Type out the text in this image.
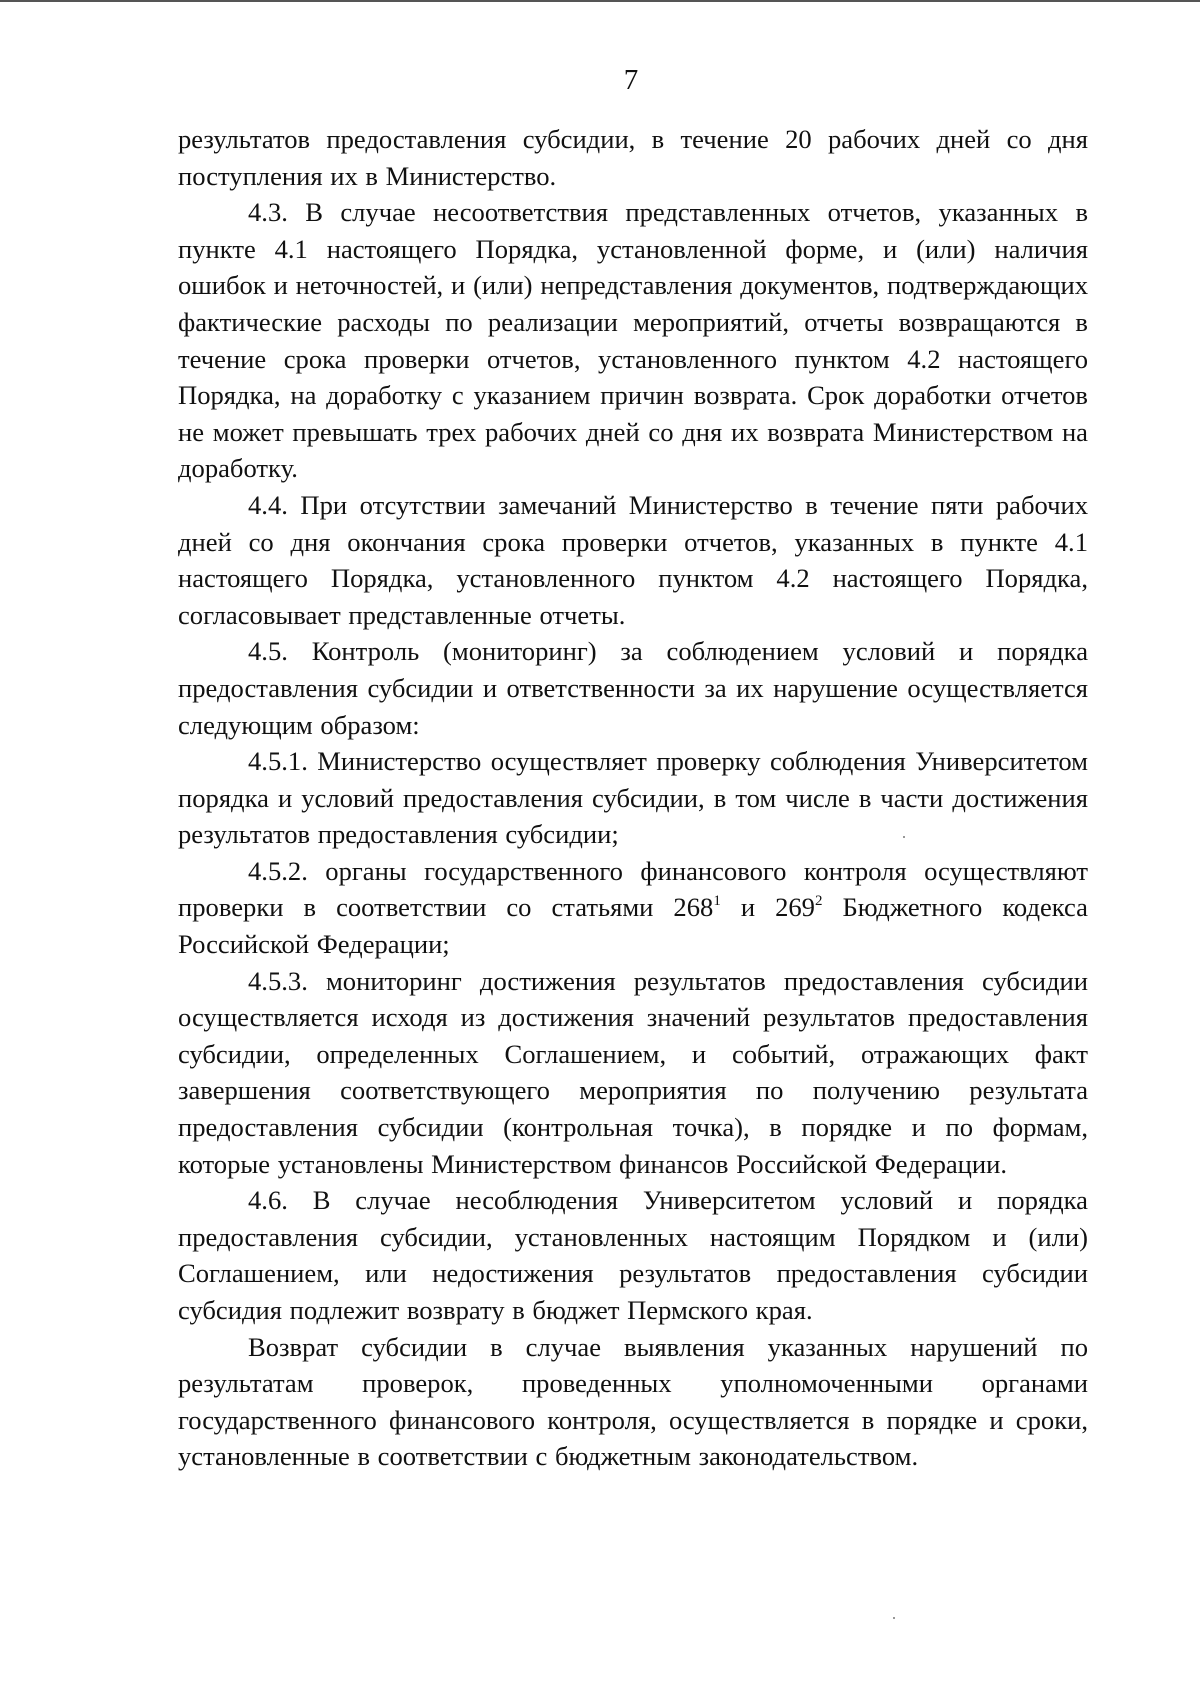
7

результатов предоставления субсидии, в течение 20 рабочих дней со дня поступления их в Министерство.

4.3. В случае несоответствия представленных отчетов, указанных в пункте 4.1 настоящего Порядка, установленной форме, и (или) наличия ошибок и неточностей, и (или) непредставления документов, подтверждающих фактические расходы по реализации мероприятий, отчеты возвращаются в течение срока проверки отчетов, установленного пунктом 4.2 настоящего Порядка, на доработку с указанием причин возврата. Срок доработки отчетов не может превышать трех рабочих дней со дня их возврата Министерством на доработку.

4.4. При отсутствии замечаний Министерство в течение пяти рабочих дней со дня окончания срока проверки отчетов, указанных в пункте 4.1 настоящего Порядка, установленного пунктом 4.2 настоящего Порядка, согласовывает представленные отчеты.

4.5. Контроль (мониторинг) за соблюдением условий и порядка предоставления субсидии и ответственности за их нарушение осуществляется следующим образом:

4.5.1. Министерство осуществляет проверку соблюдения Университетом порядка и условий предоставления субсидии, в том числе в части достижения результатов предоставления субсидии;

4.5.2. органы государственного финансового контроля осуществляют проверки в соответствии со статьями $268^1$ и $269^2$ Бюджетного кодекса Российской Федерации;

4.5.3. мониторинг достижения результатов предоставления субсидии осуществляется исходя из достижения значений результатов предоставления субсидии, определенных Соглашением, и событий, отражающих факт завершения соответствующего мероприятия по получению результата предоставления субсидии (контрольная точка), в порядке и по формам, которые установлены Министерством финансов Российской Федерации.

4.6. В случае несоблюдения Университетом условий и порядка предоставления субсидии, установленных настоящим Порядком и (или) Соглашением, или недостижения результатов предоставления субсидии субсидия подлежит возврату в бюджет Пермского края.

Возврат субсидии в случае выявления указанных нарушений по результатам проверок, проведенных уполномоченными органами государственного финансового контроля, осуществляется в порядке и сроки, установленные в соответствии с бюджетным законодательством.
